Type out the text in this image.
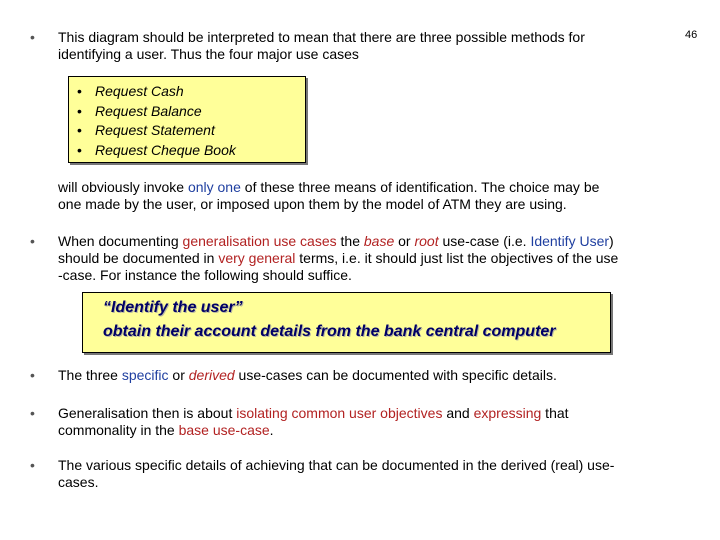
46
• This diagram should be interpreted to mean that there are three possible methods for
identifying a user. Thus the four major use cases
• Request Cash
• Request Balance
• Request Statement
• Request Cheque Book
will obviously invoke only one of these three means of identification. The choice may be
one made by the user, or imposed upon them by the model of ATM they are using.
• When documenting generalisation use cases the base or root use-case (i.e. Identify User)
should be documented in very general terms, i.e. it should just list the objectives of the use
-case. For instance the following should suffice.
“Identify the user”
obtain their account details from the bank central computer
• The three specific or derived use-cases can be documented with specific details.
• Generalisation then is about isolating common user objectives and expressing that
commonality in the base use-case.
• The various specific details of achieving that can be documented in the derived (real) use-
cases.
